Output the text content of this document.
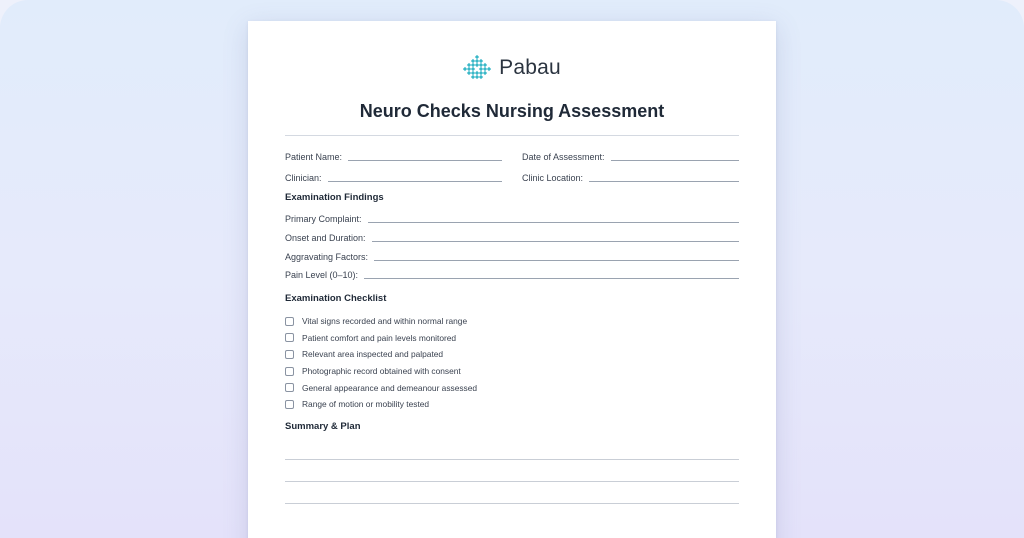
Pabau
Neuro Checks Nursing Assessment
Patient Name:	Date of Assessment:
Clinician:	Clinic Location:
Examination Findings
Primary Complaint:
Onset and Duration:
Aggravating Factors:
Pain Level (0–10):
Examination Checklist
Vital signs recorded and within normal range
Patient comfort and pain levels monitored
Relevant area inspected and palpated
Photographic record obtained with consent
General appearance and demeanour assessed
Range of motion or mobility tested
Summary & Plan
